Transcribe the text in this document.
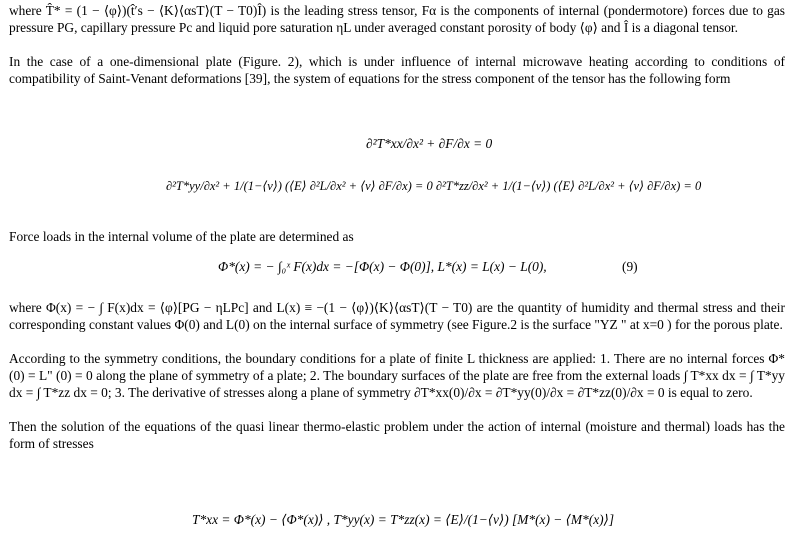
where T̂* = (1 − ⟨φ⟩)(t̂′s − ⟨K⟩⟨αsT⟩(T − T0)Î) is the leading stress tensor, Fα is the components of internal (pondermotore) forces due to gas pressure PG, capillary pressure Pc and liquid pore saturation ηL under averaged constant porosity of body ⟨φ⟩ and Î is a diagonal tensor.

In the case of a one-dimensional plate (Figure. 2), which is under influence of internal microwave heating according to conditions of compatibility of Saint-Venant deformations [39], the system of equations for the stress component of the tensor has the following form

∂²T*xx/∂x² + ∂F/∂x = 0
∂²T*yy/∂x² + 1/(1−⟨ν⟩) (⟨E⟩ ∂²L/∂x² + ⟨ν⟩ ∂F/∂x) = 0 ∂²T*zz/∂x² + 1/(1−⟨ν⟩) (⟨E⟩ ∂²L/∂x² + ⟨ν⟩ ∂F/∂x) = 0

Force loads in the internal volume of the plate are determined as

Φ*(x) = − ∫₀ˣ F(x)dx = −[Φ(x) − Φ(0)], L*(x) = L(x) − L(0),	(9)

where Φ(x) = − ∫ F(x)dx = ⟨φ⟩[PG − ηLPc] and L(x) ≡ −(1 − ⟨φ⟩)⟨K⟩⟨αsT⟩(T − T0) are the quantity of humidity and thermal stress and their corresponding constant values Φ(0) and L(0) on the internal surface of symmetry (see Figure.2 is the surface "YZ " at x=0 ) for the porous plate.

According to the symmetry conditions, the boundary conditions for a plate of finite L thickness are applied: 1. There are no internal forces Φ* (0) = L" (0) = 0 along the plane of symmetry of a plate; 2. The boundary surfaces of the plate are free from the external loads ∫ T*xx dx = ∫ T*yy dx = ∫ T*zz dx = 0; 3. The derivative of stresses along a plane of symmetry ∂T*xx(0)/∂x = ∂T*yy(0)/∂x = ∂T*zz(0)/∂x = 0 is equal to zero.

Then the solution of the equations of the quasi linear thermo-elastic problem under the action of internal (moisture and thermal) loads has the form of stresses

T*xx = Φ*(x) − ⟨Φ*(x)⟩ , T*yy(x) = T*zz(x) = ⟨E⟩/(1−⟨ν⟩) [M*(x) − ⟨M*(x)⟩]
